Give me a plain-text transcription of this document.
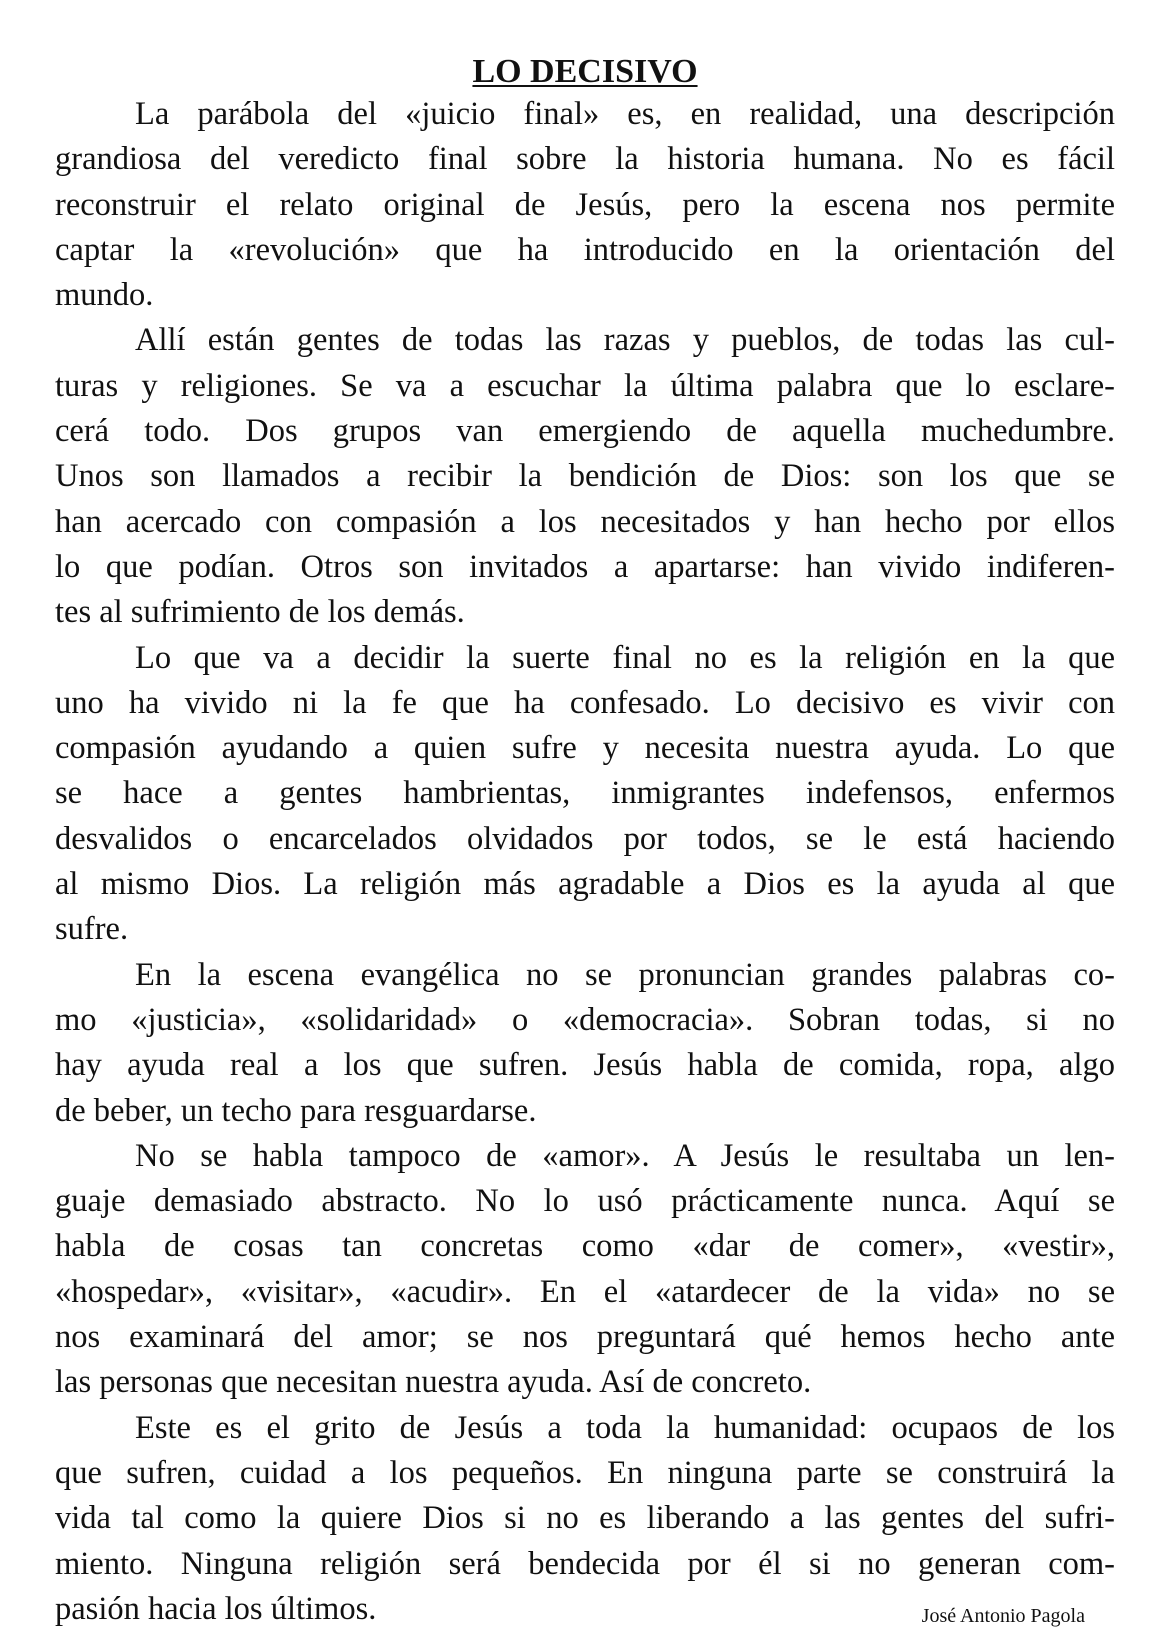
LO DECISIVO
La parábola del «juicio final» es, en realidad, una descripción
grandiosa del veredicto final sobre la historia humana. No es fácil
reconstruir el relato original de Jesús, pero la escena nos permite
captar la «revolución» que ha introducido en la orientación del
mundo.
Allí están gentes de todas las razas y pueblos, de todas las cul-
turas y religiones. Se va a escuchar la última palabra que lo esclare-
cerá todo. Dos grupos van emergiendo de aquella muchedumbre.
Unos son llamados a recibir la bendición de Dios: son los que se
han acercado con compasión a los necesitados y han hecho por ellos
lo que podían. Otros son invitados a apartarse: han vivido indiferen-
tes al sufrimiento de los demás.
Lo que va a decidir la suerte final no es la religión en la que
uno ha vivido ni la fe que ha confesado. Lo decisivo es vivir con
compasión ayudando a quien sufre y necesita nuestra ayuda. Lo que
se hace a gentes hambrientas, inmigrantes indefensos, enfermos
desvalidos o encarcelados olvidados por todos, se le está haciendo
al mismo Dios. La religión más agradable a Dios es la ayuda al que
sufre.
En la escena evangélica no se pronuncian grandes palabras co-
mo «justicia», «solidaridad» o «democracia». Sobran todas, si no
hay ayuda real a los que sufren. Jesús habla de comida, ropa, algo
de beber, un techo para resguardarse.
No se habla tampoco de «amor». A Jesús le resultaba un len-
guaje demasiado abstracto. No lo usó prácticamente nunca. Aquí se
habla de cosas tan concretas como «dar de comer», «vestir»,
«hospedar», «visitar», «acudir». En el «atardecer de la vida» no se
nos examinará del amor; se nos preguntará qué hemos hecho ante
las personas que necesitan nuestra ayuda. Así de concreto.
Este es el grito de Jesús a toda la humanidad: ocupaos de los
que sufren, cuidad a los pequeños. En ninguna parte se construirá la
vida tal como la quiere Dios si no es liberando a las gentes del sufri-
miento. Ninguna religión será bendecida por él si no generan com-
pasión hacia los últimos.	José Antonio Pagola
